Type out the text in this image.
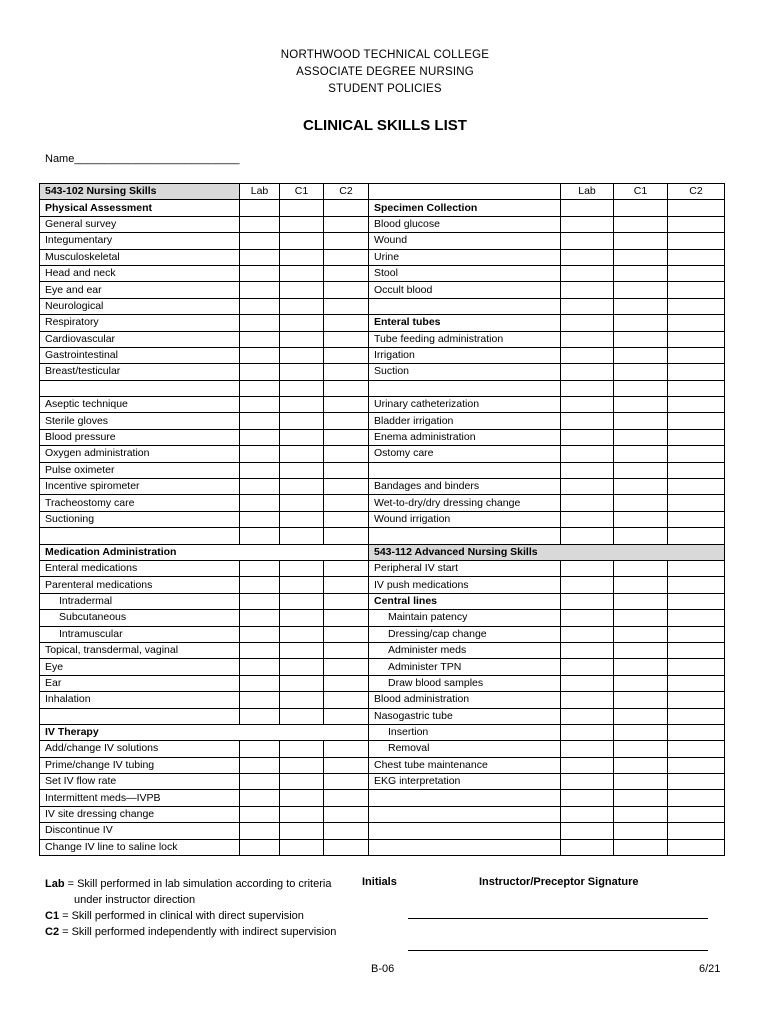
NORTHWOOD TECHNICAL COLLEGE
ASSOCIATE DEGREE NURSING
STUDENT POLICIES
CLINICAL SKILLS LIST
Name___________________________
543-102 Nursing Skills	Lab	C1	C2		Lab	C1	C2
Physical Assessment				Specimen Collection			
General survey				Blood glucose			
Integumentary				Wound			
Musculoskeletal				Urine			
Head and neck				Stool			
Eye and ear				Occult blood			
Neurological							
Respiratory				Enteral tubes			
Cardiovascular				Tube feeding administration			
Gastrointestinal				Irrigation			
Breast/testicular				Suction			

Aseptic technique				Urinary catheterization			
Sterile gloves				Bladder irrigation			
Blood pressure				Enema administration			
Oxygen administration				Ostomy care			
Pulse oximeter							
Incentive spirometer				Bandages and binders			
Tracheostomy care				Wet-to-dry/dry dressing change			
Suctioning				Wound irrigation			

Medication Administration				543-112 Advanced Nursing Skills			
Enteral medications				Peripheral IV start			
Parenteral medications				IV push medications			
Intradermal				Central lines			
Subcutaneous				Maintain patency			
Intramuscular				Dressing/cap change			
Topical, transdermal, vaginal				Administer meds			
Eye				Administer TPN			
Ear				Draw blood samples			
Inhalation				Blood administration			
				Nasogastric tube			
IV Therapy				Insertion			
Add/change IV solutions				Removal			
Prime/change IV tubing				Chest tube maintenance			
Set IV flow rate				EKG interpretation			
Intermittent meds—IVPB							
IV site dressing change							
Discontinue IV							
Change IV line to saline lock							
Lab = Skill performed in lab simulation according to criteria
under instructor direction
C1 = Skill performed in clinical with direct supervision
C2 = Skill performed independently with indirect supervision
Initials	Instructor/Preceptor Signature
B-06	6/21
